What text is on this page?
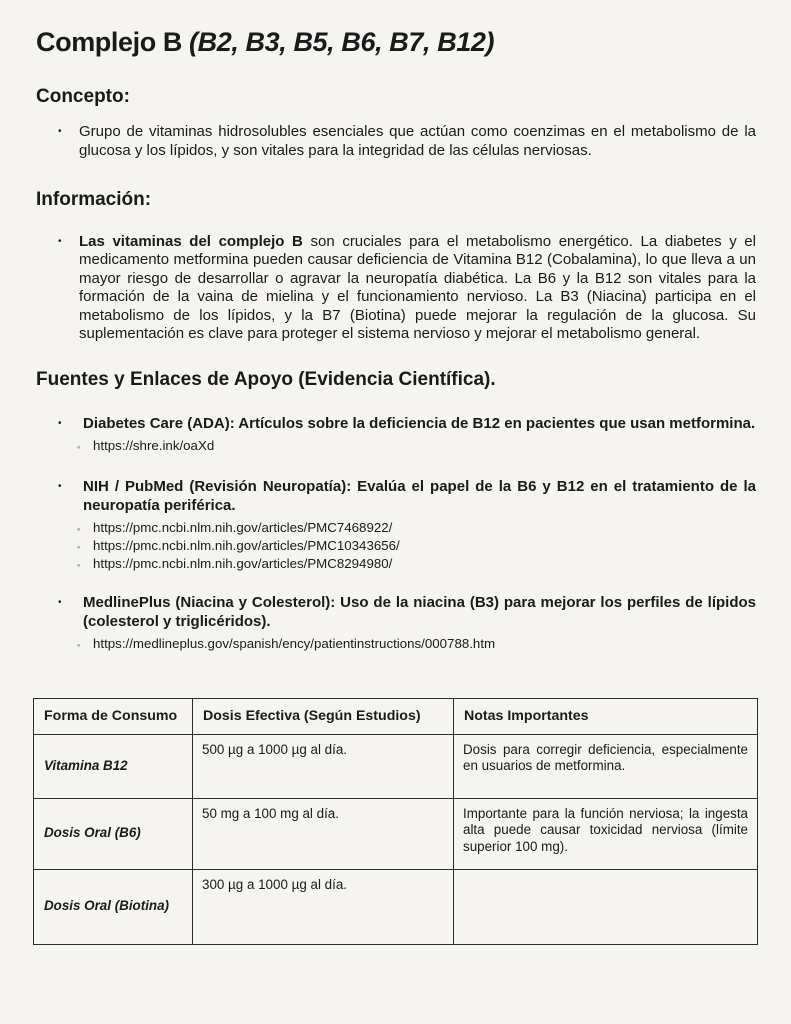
Complejo B (B2, B3, B5, B6, B7, B12)
Concepto:
•	Grupo de vitaminas hidrosolubles esenciales que actúan como coenzimas en el metabolismo de la glucosa y los lípidos, y son vitales para la integridad de las células nerviosas.
Información:
•	Las vitaminas del complejo B son cruciales para el metabolismo energético. La diabetes y el medicamento metformina pueden causar deficiencia de Vitamina B12 (Cobalamina), lo que lleva a un mayor riesgo de desarrollar o agravar la neuropatía diabética. La B6 y la B12 son vitales para la formación de la vaina de mielina y el funcionamiento nervioso. La B3 (Niacina) participa en el metabolismo de los lípidos, y la B7 (Biotina) puede mejorar la regulación de la glucosa. Su suplementación es clave para proteger el sistema nervioso y mejorar el metabolismo general.
Fuentes y Enlaces de Apoyo (Evidencia Científica).
•	Diabetes Care (ADA): Artículos sobre la deficiencia de B12 en pacientes que usan metformina.
◦ https://shre.ink/oaXd
•	NIH / PubMed (Revisión Neuropatía): Evalúa el papel de la B6 y B12 en el tratamiento de la neuropatía periférica.
◦ https://pmc.ncbi.nlm.nih.gov/articles/PMC7468922/
◦ https://pmc.ncbi.nlm.nih.gov/articles/PMC10343656/
◦ https://pmc.ncbi.nlm.nih.gov/articles/PMC8294980/
•	MedlinePlus (Niacina y Colesterol): Uso de la niacina (B3) para mejorar los perfiles de lípidos (colesterol y triglicéridos).
◦ https://medlineplus.gov/spanish/ency/patientinstructions/000788.htm
Forma de Consumo	Dosis Efectiva (Según Estudios)	Notas Importantes
Vitamina B12	500 µg a 1000 µg al día.	Dosis para corregir deficiencia, especialmente en usuarios de metformina.
Dosis Oral (B6)	50 mg a 100 mg al día.	Importante para la función nerviosa; la ingesta alta puede causar toxicidad nerviosa (límite superior 100 mg).
Dosis Oral (Biotina)	300 µg a 1000 µg al día.	
